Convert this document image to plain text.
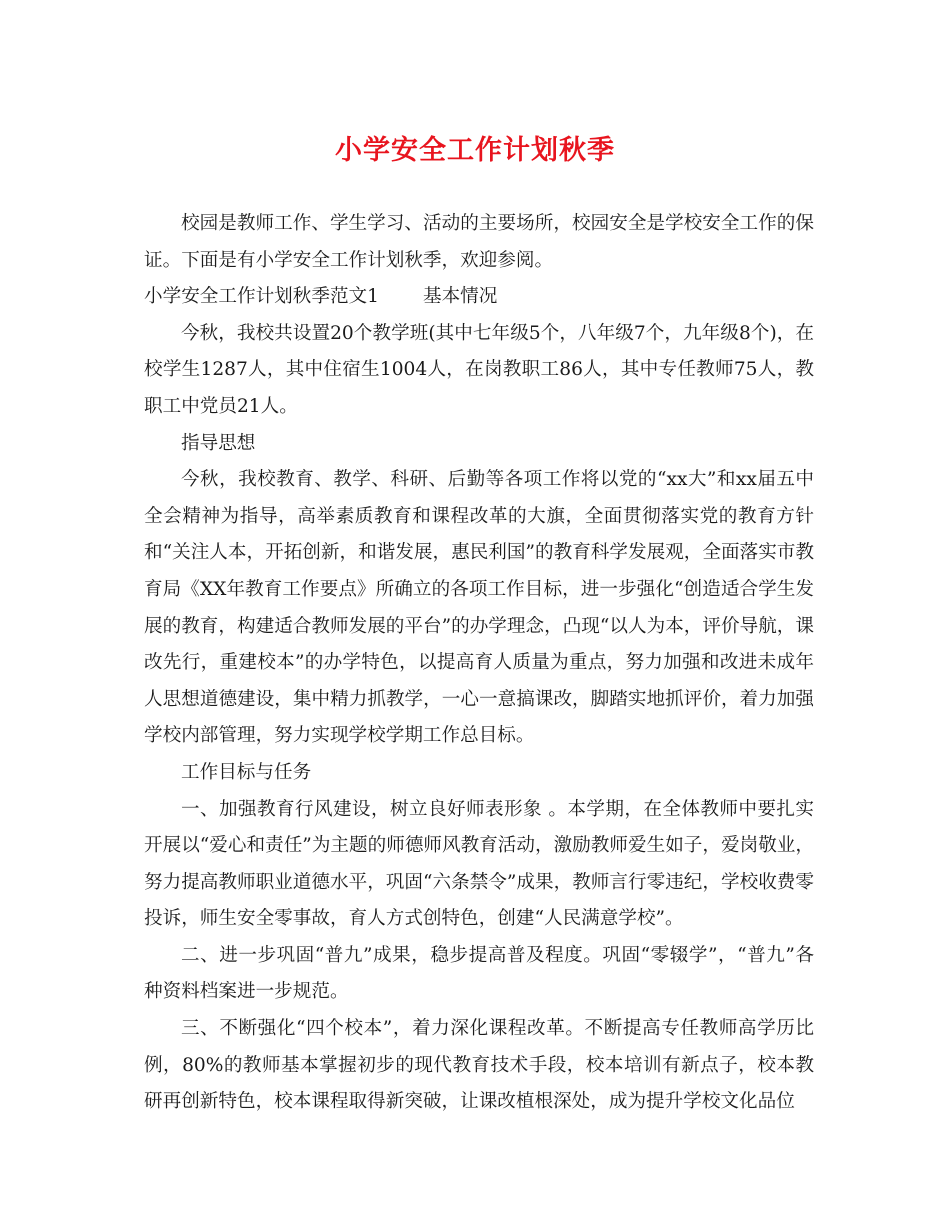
小学安全工作计划秋季

校园是教师工作、学生学习、活动的主要场所，校园安全是学校安全工作的保证。下面是有小学安全工作计划秋季，欢迎参阅。

小学安全工作计划秋季范文1 基本情况

今秋，我校共设置20个教学班(其中七年级5个，八年级7个，九年级8个)，在校学生1287人，其中住宿生1004人，在岗教职工86人，其中专任教师75人，教职工中党员21人。

指导思想

今秋，我校教育、教学、科研、后勤等各项工作将以党的“xx大”和xx届五中全会精神为指导，高举素质教育和课程改革的大旗，全面贯彻落实党的教育方针和“关注人本，开拓创新，和谐发展，惠民利国”的教育科学发展观，全面落实市教育局《XX年教育工作要点》所确立的各项工作目标，进一步强化“创造适合学生发展的教育，构建适合教师发展的平台”的办学理念，凸现“以人为本，评价导航，课改先行，重建校本”的办学特色，以提高育人质量为重点，努力加强和改进未成年人思想道德建设，集中精力抓教学，一心一意搞课改，脚踏实地抓评价，着力加强学校内部管理，努力实现学校学期工作总目标。

工作目标与任务

一、加强教育行风建设，树立良好师表形象 。本学期，在全体教师中要扎实开展以“爱心和责任”为主题的师德师风教育活动，激励教师爱生如子，爱岗敬业，努力提高教师职业道德水平，巩固“六条禁令”成果，教师言行零违纪，学校收费零投诉，师生安全零事故，育人方式创特色，创建“人民满意学校”。

二、进一步巩固“普九”成果，稳步提高普及程度。巩固“零辍学”，“普九”各种资料档案进一步规范。

三、不断强化“四个校本”，着力深化课程改革。不断提高专任教师高学历比例，80%的教师基本掌握初步的现代教育技术手段，校本培训有新点子，校本教研再创新特色，校本课程取得新突破，让课改植根深处，成为提升学校文化品位
